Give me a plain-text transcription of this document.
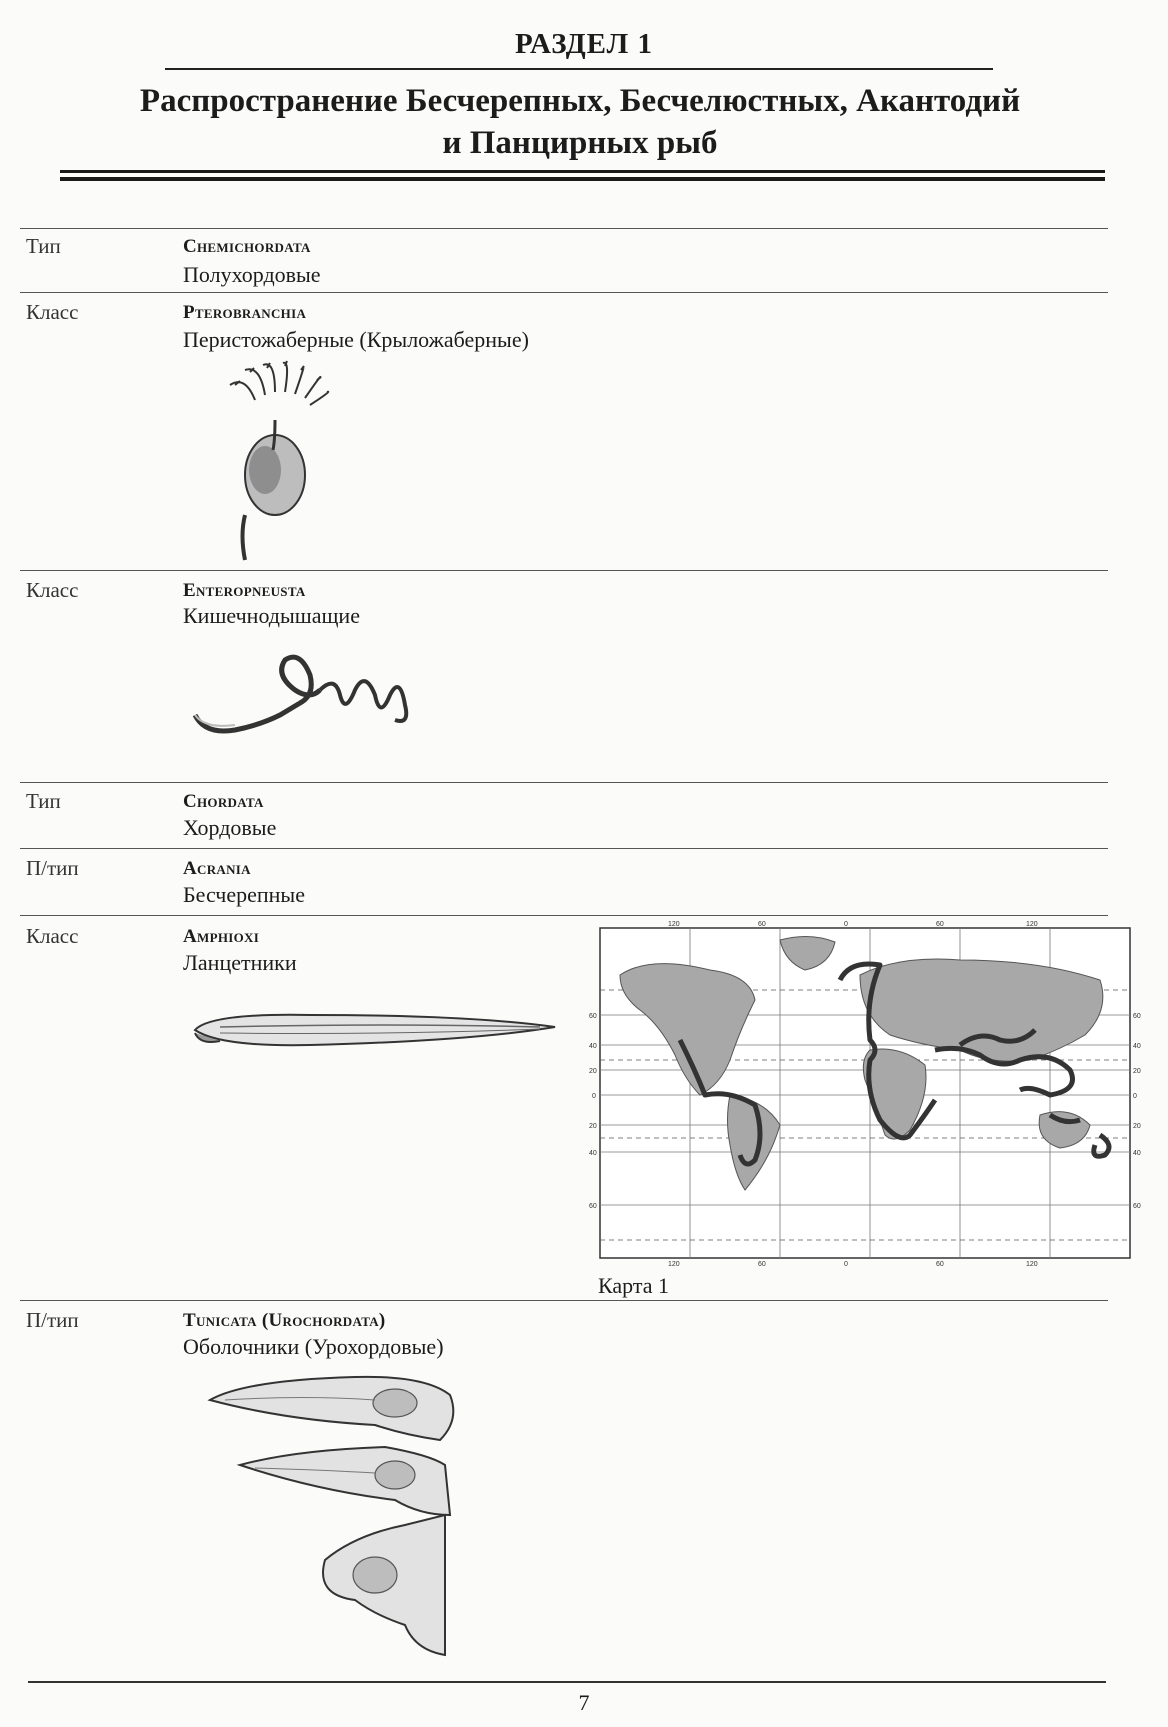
РАЗДЕЛ 1
Распространение Бесчерепных, Бесчелюстных, Акантодий
и Панцирных рыб
Тип	Chemichordata
Полухордовые
Класс	Pterobranchia
Перистожаберные (Крыложаберные)
Класс	Enteropneusta
Кишечнодышащие
Тип	Chordata
Хордовые
П/тип	Acrania
Бесчерепные
Класс	Amphioxi
Ланцетники
120	60	0	60	120
120	60	0	60	120
60
40
20
0
20
40
60
60
40
20
0
20
40
60
Карта 1
П/тип	Tunicata (Urochordata)
Оболочники (Урохордовые)
7
